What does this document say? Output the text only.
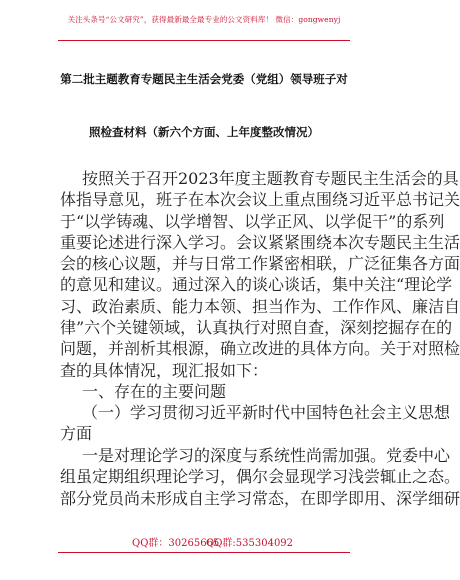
关注头条号“公文研究”，获得最新最全最专业的公文资料库！ 微信：gongwenyj
第二批主题教育专题民主生活会党委（党组）领导班子对
照检查材料（新六个方面、上年度整改情况）
按照关于召开2023年度主题教育专题民主生活会的具
体指导意见，班子在本次会议上重点围绕习近平总书记关
于“以学铸魂、以学增智、以学正风、以学促干”的系列
重要论述进行深入学习。会议紧紧围绕本次专题民主生活
会的核心议题，并与日常工作紧密相联，广泛征集各方面
的意见和建议。通过深入的谈心谈话，集中关注“理论学
习、政治素质、能力本领、担当作为、工作作风、廉洁自
律”六个关键领域，认真执行对照自查，深刻挖掘存在的
问题，并剖析其根源，确立改进的具体方向。关于对照检
查的具体情况，现汇报如下：
一、存在的主要问题
（一）学习贯彻习近平新时代中国特色社会主义思想
方面
一是对理论学习的深度与系统性尚需加强。党委中心
组虽定期组织理论学习，偶尔会显现学习浅尝辄止之态。
部分党员尚未形成自主学习常态，在即学即用、深学细研
QQ群：30265665
QQ群:535304092
